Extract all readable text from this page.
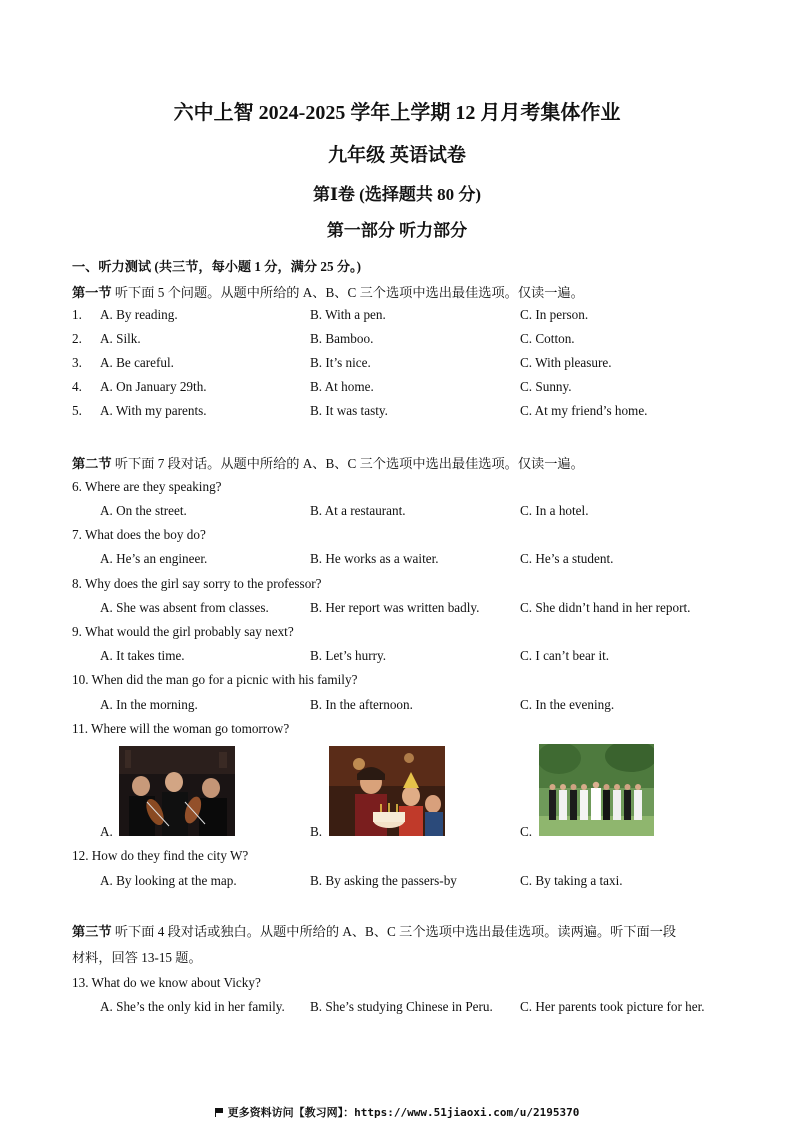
六中上智 2024-2025 学年上学期 12 月月考集体作业
九年级 英语试卷
第Ⅰ卷 (选择题共 80 分)
第一部分 听力部分
一、听力测试 (共三节，每小题 1 分，满分 25 分。)
第一节 听下面 5 个问题。从题中所给的 A、B、C 三个选项中选出最佳选项。仅读一遍。
1. A. By reading.	B. With a pen.	C. In person.
2. A. Silk.	B. Bamboo.	C. Cotton.
3. A. Be careful.	B. It’s nice.	C. With pleasure.
4. A. On January 29th.	B. At home.	C. Sunny.
5. A. With my parents.	B. It was tasty.	C. At my friend’s home.
第二节 听下面 7 段对话。从题中所给的 A、B、C 三个选项中选出最佳选项。仅读一遍。
6. Where are they speaking?
A. On the street.	B. At a restaurant.	C. In a hotel.
7. What does the boy do?
A. He’s an engineer.	B. He works as a waiter.	C. He’s a student.
8. Why does the girl say sorry to the professor?
A. She was absent from classes.	B. Her report was written badly.	C. She didn’t hand in her report.
9. What would the girl probably say next?
A. It takes time.	B. Let’s hurry.	C. I can’t bear it.
10. When did the man go for a picnic with his family?
A. In the morning.	B. In the afternoon.	C. In the evening.
11. Where will the woman go tomorrow?
A.	B.	C.
12. How do they find the city W?
A. By looking at the map.	B. By asking the passers-by	C. By taking a taxi.
第三节 听下面 4 段对话或独白。从题中所给的 A、B、C 三个选项中选出最佳选项。读两遍。听下面一段
材料，回答 13-15 题。
13. What do we know about Vicky?
A. She’s the only kid in her family. B. She’s studying Chinese in Peru. C. Her parents took picture for her.
更多资料访问【教习网】：https://www.51jiaoxi.com/u/2195370
